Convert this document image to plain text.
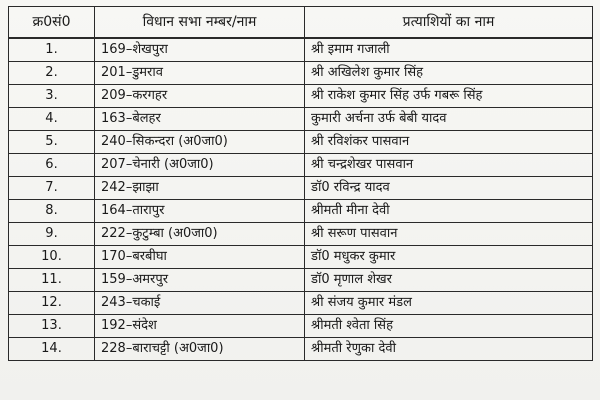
क्र0सं0	विधान सभा नम्बर/नाम	प्रत्याशियों का नाम
1.	169–शेखपुरा	श्री इमाम गजाली
2.	201–डुमराव	श्री अखिलेश कुमार सिंह
3.	209–करगहर	श्री राकेश कुमार सिंह उर्फ गबरू सिंह
4.	163–बेलहर	कुमारी अर्चना उर्फ बेबी यादव
5.	240–सिकन्दरा (अ0जा0)	श्री रविशंकर पासवान
6.	207–चेनारी (अ0जा0)	श्री चन्द्रशेखर पासवान
7.	242–झाझा	डॉ0 रविन्द्र यादव
8.	164–तारापुर	श्रीमती मीना देवी
9.	222–कुटुम्बा (अ0जा0)	श्री सरूण पासवान
10.	170–बरबीघा	डॉ0 मधुकर कुमार
11.	159–अमरपुर	डॉ0 मृणाल शेखर
12.	243–चकाई	श्री संजय कुमार मंडल
13.	192–संदेश	श्रीमती श्वेता सिंह
14.	228–बाराचट्टी (अ0जा0)	श्रीमती रेणुका देवी
